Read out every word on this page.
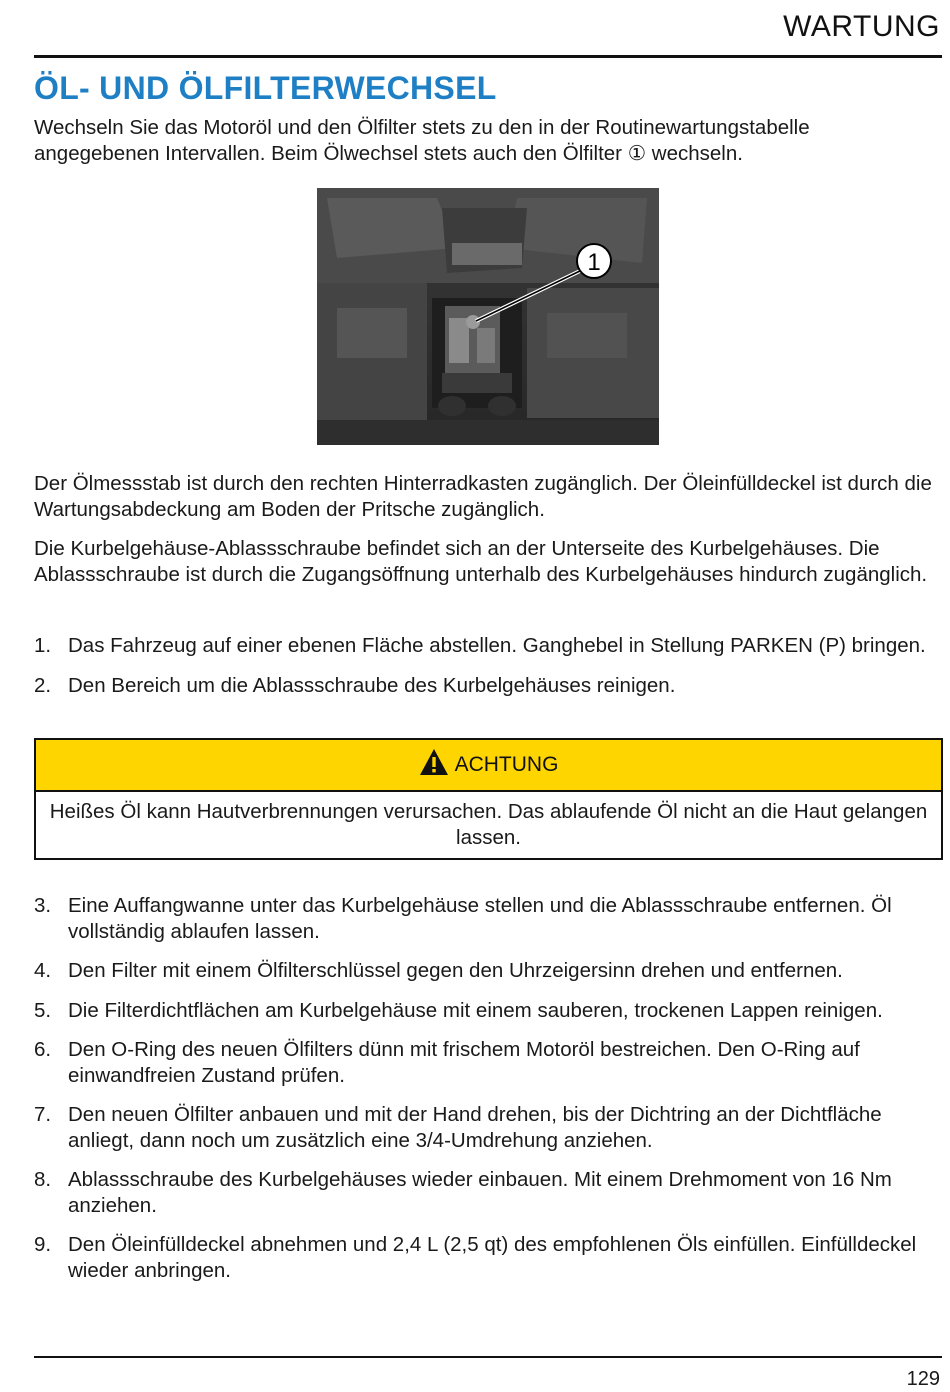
WARTUNG
ÖL- UND ÖLFILTERWECHSEL

Wechseln Sie das Motoröl und den Ölfilter stets zu den in der Routinewartungstabelle angegebenen Intervallen. Beim Ölwechsel stets auch den Ölfilter ① wechseln.

1

Der Ölmessstab ist durch den rechten Hinterradkasten zugänglich. Der Öleinfülldeckel ist durch die Wartungsabdeckung am Boden der Pritsche zugänglich.

Die Kurbelgehäuse-Ablassschraube befindet sich an der Unterseite des Kurbelgehäuses. Die Ablassschraube ist durch die Zugangsöffnung unterhalb des Kurbelgehäuses hindurch zugänglich.

1. Das Fahrzeug auf einer ebenen Fläche abstellen. Ganghebel in Stellung PARKEN (P) bringen.
2. Den Bereich um die Ablassschraube des Kurbelgehäuses reinigen.
ACHTUNG
Heißes Öl kann Hautverbrennungen verursachen. Das ablaufende Öl nicht an die Haut gelangen lassen.
3. Eine Auffangwanne unter das Kurbelgehäuse stellen und die Ablassschraube entfernen. Öl vollständig ablaufen lassen.
4. Den Filter mit einem Ölfilterschlüssel gegen den Uhrzeigersinn drehen und entfernen.
5. Die Filterdichtflächen am Kurbelgehäuse mit einem sauberen, trockenen Lappen reinigen.
6. Den O-Ring des neuen Ölfilters dünn mit frischem Motoröl bestreichen. Den O-Ring auf einwandfreien Zustand prüfen.
7. Den neuen Ölfilter anbauen und mit der Hand drehen, bis der Dichtring an der Dichtfläche anliegt, dann noch um zusätzlich eine 3/4-Umdrehung anziehen.
8. Ablassschraube des Kurbelgehäuses wieder einbauen. Mit einem Drehmoment von 16 Nm anziehen.
9. Den Öleinfülldeckel abnehmen und 2,4 L (2,5 qt) des empfohlenen Öls einfüllen. Einfülldeckel wieder anbringen.
129
